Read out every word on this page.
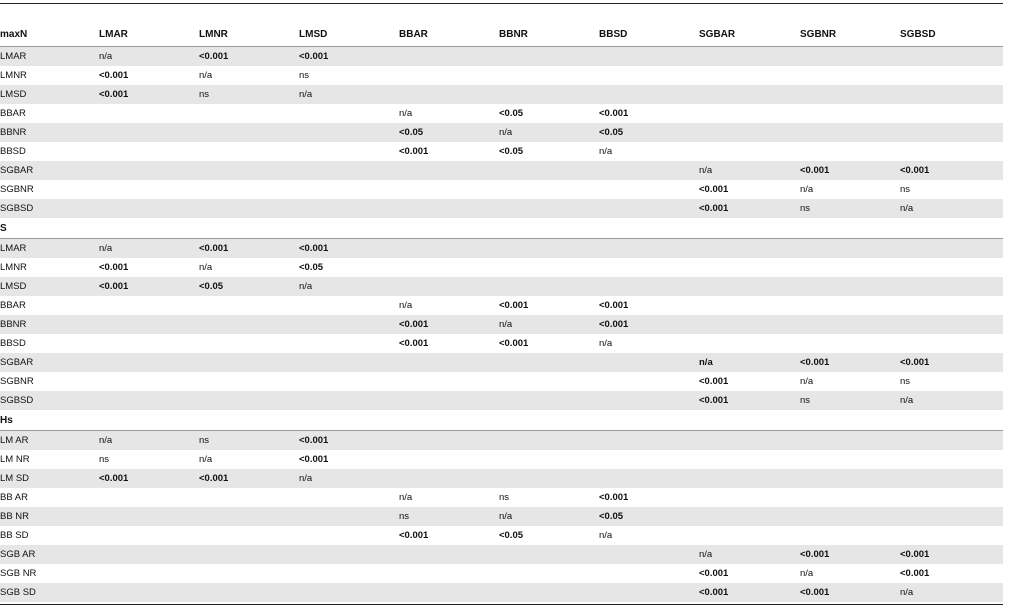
maxN	LMAR	LMNR	LMSD	BBAR	BBNR	BBSD	SGBAR	SGBNR	SGBSD
LMAR	n/a	<0.001	<0.001						
LMNR	<0.001	n/a	ns						
LMSD	<0.001	ns	n/a						
BBAR				n/a	<0.05	<0.001			
BBNR				<0.05	n/a	<0.05			
BBSD				<0.001	<0.05	n/a			
SGBAR							n/a	<0.001	<0.001
SGBNR							<0.001	n/a	ns
SGBSD							<0.001	ns	n/a
S									
LMAR	n/a	<0.001	<0.001						
LMNR	<0.001	n/a	<0.05						
LMSD	<0.001	<0.05	n/a						
BBAR				n/a	<0.001	<0.001			
BBNR				<0.001	n/a	<0.001			
BBSD				<0.001	<0.001	n/a			
SGBAR							n/a	<0.001	<0.001
SGBNR							<0.001	n/a	ns
SGBSD							<0.001	ns	n/a
Hs									
LM AR	n/a	ns	<0.001						
LM NR	ns	n/a	<0.001						
LM SD	<0.001	<0.001	n/a						
BB AR				n/a	ns	<0.001			
BB NR				ns	n/a	<0.05			
BB SD				<0.001	<0.05	n/a			
SGB AR							n/a	<0.001	<0.001
SGB NR							<0.001	n/a	<0.001
SGB SD							<0.001	<0.001	n/a
